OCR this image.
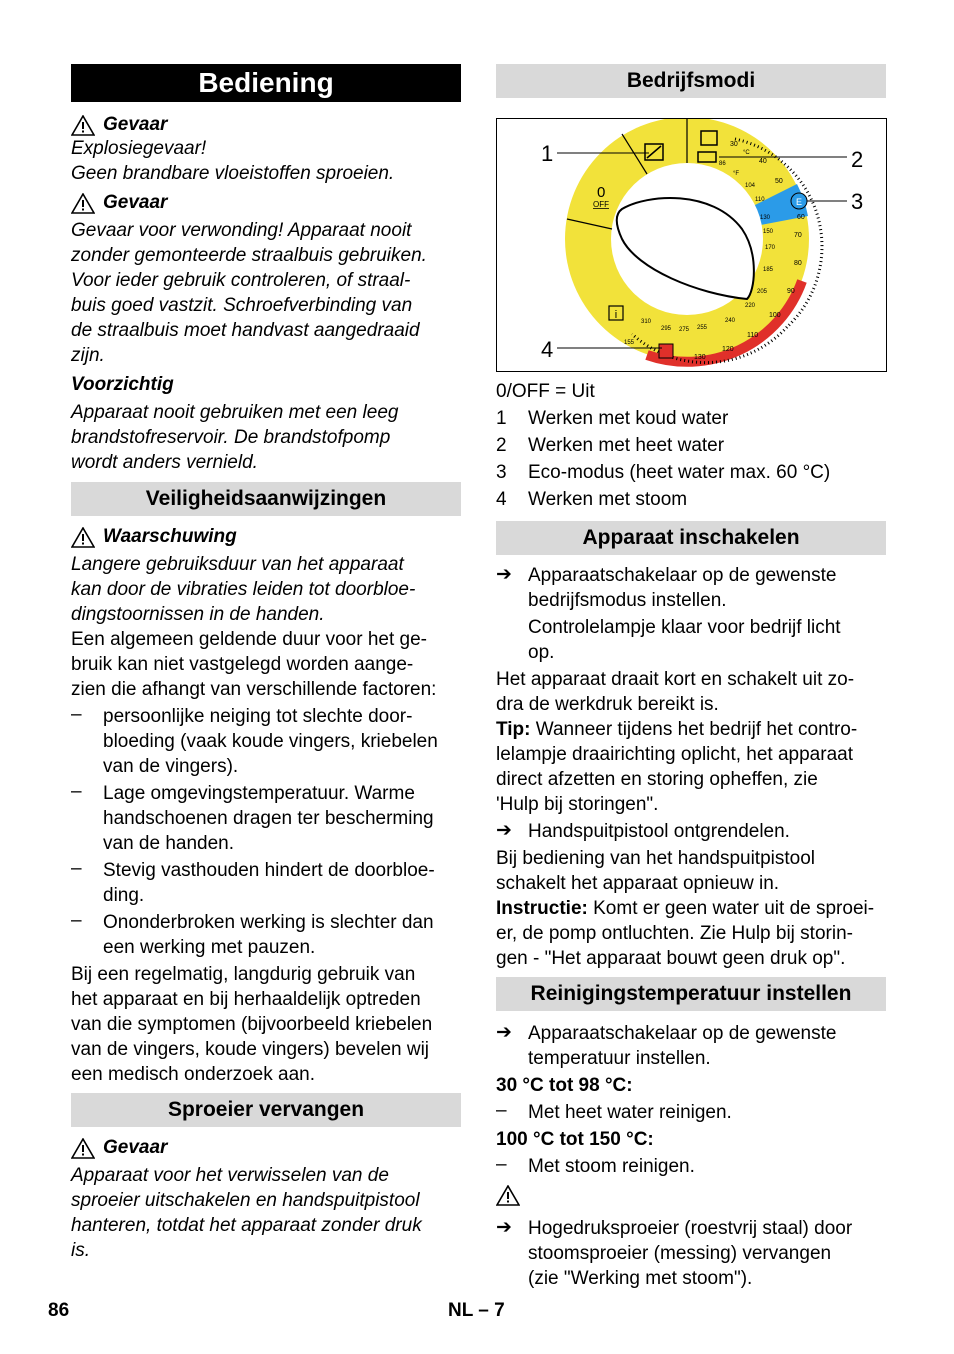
Bediening
Gevaar

Explosiegevaar!

Geen brandbare vloeistoffen sproeien.

Gevaar

Gevaar voor verwonding! Apparaat nooit

zonder gemonteerde straalbuis gebruiken.

Voor ieder gebruik controleren, of straal-

buis goed vastzit. Schroefverbinding van

de straalbuis moet handvast aangedraaid

zijn.

Voorzichtig

Apparaat nooit gebruiken met een leeg

brandstofreservoir. De brandstofpomp

wordt anders vernield.

Veiligheidsaanwijzingen
Waarschuwing

Langere gebruiksduur van het apparaat

kan door de vibraties leiden tot doorbloe-

dingstoornissen in de handen.

Een algemeen geldende duur voor het ge-

bruik kan niet vastgelegd worden aange-

zien die afhangt van verschillende factoren:

–	persoonlijke neiging tot slechte door-

bloeding (vaak koude vingers, kriebelen

van de vingers).

–	Lage omgevingstemperatuur. Warme

handschoenen dragen ter bescherming

van de handen.

–	Stevig vasthouden hindert de doorbloe-

ding.

–	Ononderbroken werking is slechter dan

een werking met pauzen.

Bij een regelmatig, langdurig gebruik van

het apparaat en bij herhaaldelijk optreden

van die symptomen (bijvoorbeeld kriebelen

van de vingers, koude vingers) bevelen wij

een medisch onderzoek aan.

Sproeier vervangen
Gevaar

Apparaat voor het verwisselen van de

sproeier uitschakelen en handspuitpistool

hanteren, totdat het apparaat zonder druk

is.

Bedrijfsmodi
i
E
0
OFF
°C
°F
30
40
50
60
70
80
90
100
110
120
130
86
104
110
130
150
170
185
205
220
240
255
275
295
310
155
1	2
3
4
0/OFF = Uit
1	Werken met koud water
2	Werken met heet water
3	Eco-modus (heet water max. 60 °C)
4	Werken met stoom
Apparaat inschakelen
➔ Apparaatschakelaar op de gewenste

bedrijfsmodus instellen.

Controlelampje klaar voor bedrijf licht

op.

Het apparaat draait kort en schakelt uit zo-

dra de werkdruk bereikt is.

Tip: Wanneer tijdens het bedrijf het contro-

lelampje draairichting oplicht, het apparaat

direct afzetten en storing opheffen, zie

'Hulp bij storingen".

➔ Handspuitpistool ontgrendelen.

Bij bediening van het handspuitpistool

schakelt het apparaat opnieuw in.

Instructie: Komt er geen water uit de sproei-

er, de pomp ontluchten. Zie Hulp bij storin-

gen - "Het apparaat bouwt geen druk op".

Reinigingstemperatuur instellen
➔ Apparaatschakelaar op de gewenste

temperatuur instellen.

30 °C tot 98 °C:

–	Met heet water reinigen.

100 °C tot 150 °C:

–	Met stoom reinigen.

➔ Hogedruksproeier (roestvrij staal) door

stoomsproeier (messing) vervangen

(zie "Werking met stoom").

86	NL – 7
